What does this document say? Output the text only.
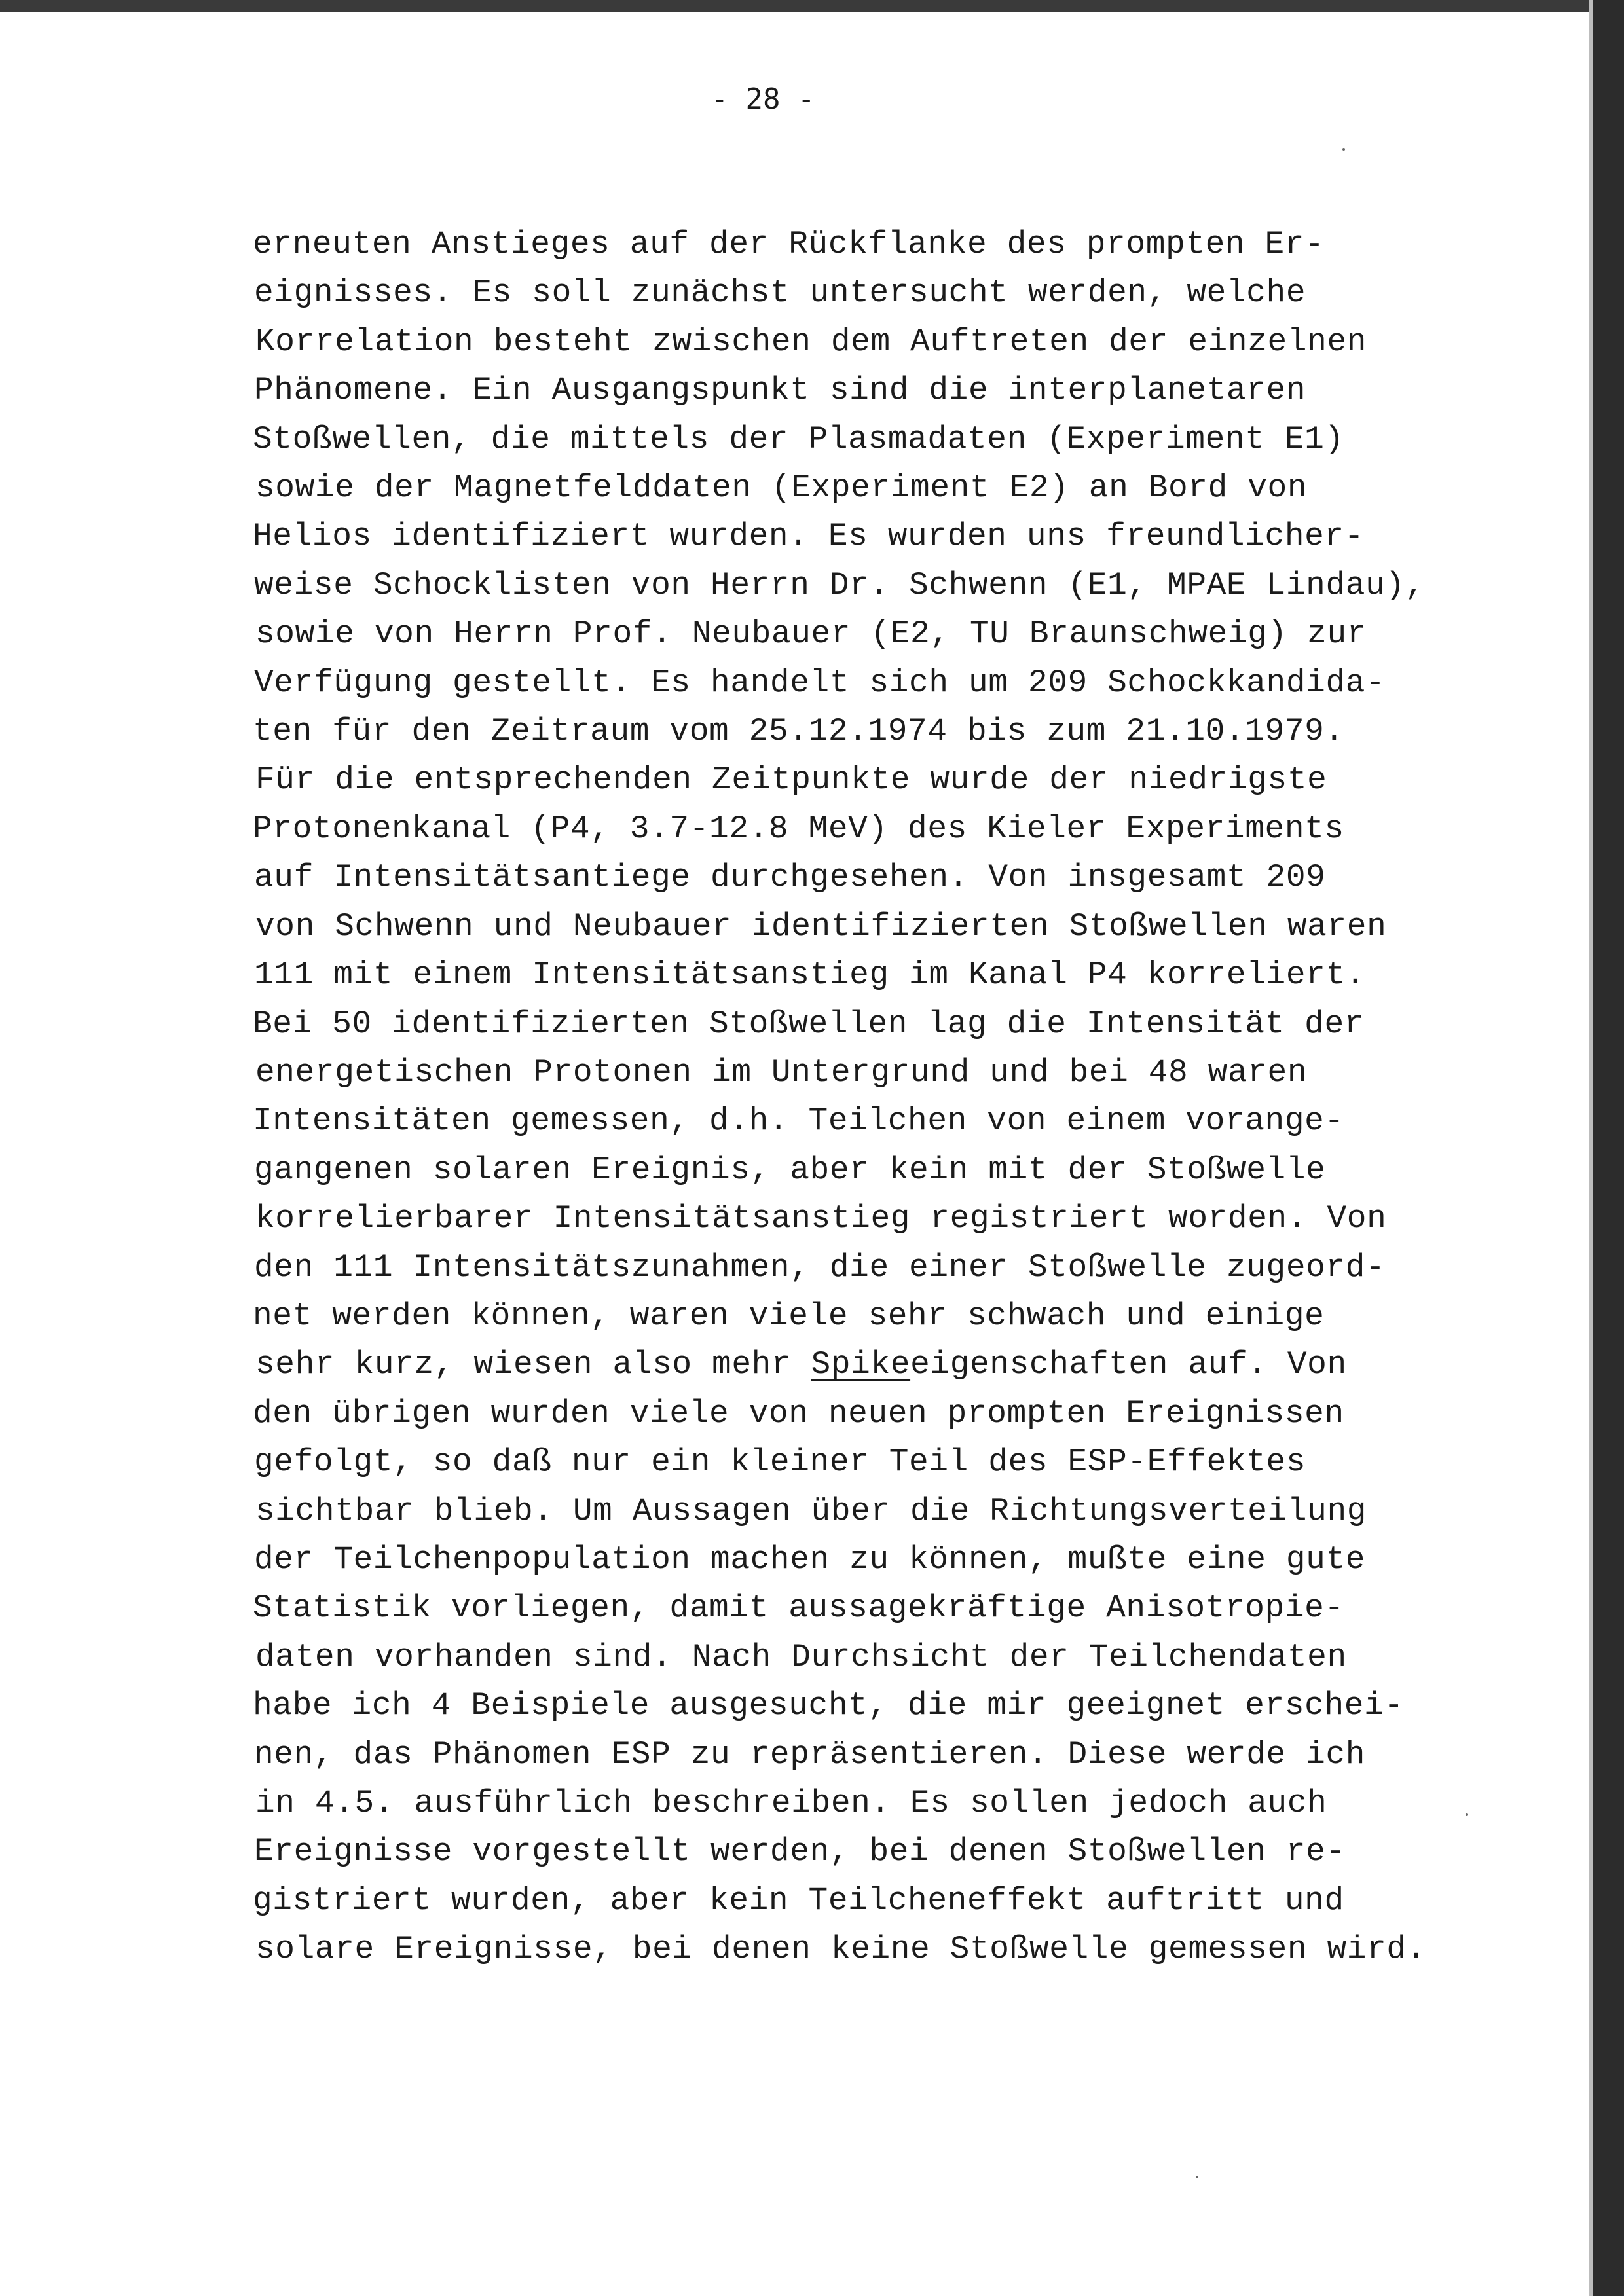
- 28 -
erneuten Anstieges auf der Rückflanke des prompten Er-
eignisses. Es soll zunächst untersucht werden, welche
Korrelation besteht zwischen dem Auftreten der einzelnen
Phänomene. Ein Ausgangspunkt sind die interplanetaren
Stoßwellen, die mittels der Plasmadaten (Experiment E1)
sowie der Magnetfelddaten (Experiment E2) an Bord von
Helios identifiziert wurden. Es wurden uns freundlicher-
weise Schocklisten von Herrn Dr. Schwenn (E1, MPAE Lindau),
sowie von Herrn Prof. Neubauer (E2, TU Braunschweig) zur
Verfügung gestellt. Es handelt sich um 209 Schockkandida-
ten für den Zeitraum vom 25.12.1974 bis zum 21.10.1979.
Für die entsprechenden Zeitpunkte wurde der niedrigste
Protonenkanal (P4, 3.7-12.8 MeV) des Kieler Experiments
auf Intensitätsantiege durchgesehen. Von insgesamt 209
von Schwenn und Neubauer identifizierten Stoßwellen waren
111 mit einem Intensitätsanstieg im Kanal P4 korreliert.
Bei 50 identifizierten Stoßwellen lag die Intensität der
energetischen Protonen im Untergrund und bei 48 waren
Intensitäten gemessen, d.h. Teilchen von einem vorange-
gangenen solaren Ereignis, aber kein mit der Stoßwelle
korrelierbarer Intensitätsanstieg registriert worden. Von
den 111 Intensitätszunahmen, die einer Stoßwelle zugeord-
net werden können, waren viele sehr schwach und einige
sehr kurz, wiesen also mehr Spikeeigenschaften auf. Von
den übrigen wurden viele von neuen prompten Ereignissen
gefolgt, so daß nur ein kleiner Teil des ESP-Effektes
sichtbar blieb. Um Aussagen über die Richtungsverteilung
der Teilchenpopulation machen zu können, mußte eine gute
Statistik vorliegen, damit aussagekräftige Anisotropie-
daten vorhanden sind. Nach Durchsicht der Teilchendaten
habe ich 4 Beispiele ausgesucht, die mir geeignet erschei-
nen, das Phänomen ESP zu repräsentieren. Diese werde ich
in 4.5. ausführlich beschreiben. Es sollen jedoch auch
Ereignisse vorgestellt werden, bei denen Stoßwellen re-
gistriert wurden, aber kein Teilcheneffekt auftritt und
solare Ereignisse, bei denen keine Stoßwelle gemessen wird.
